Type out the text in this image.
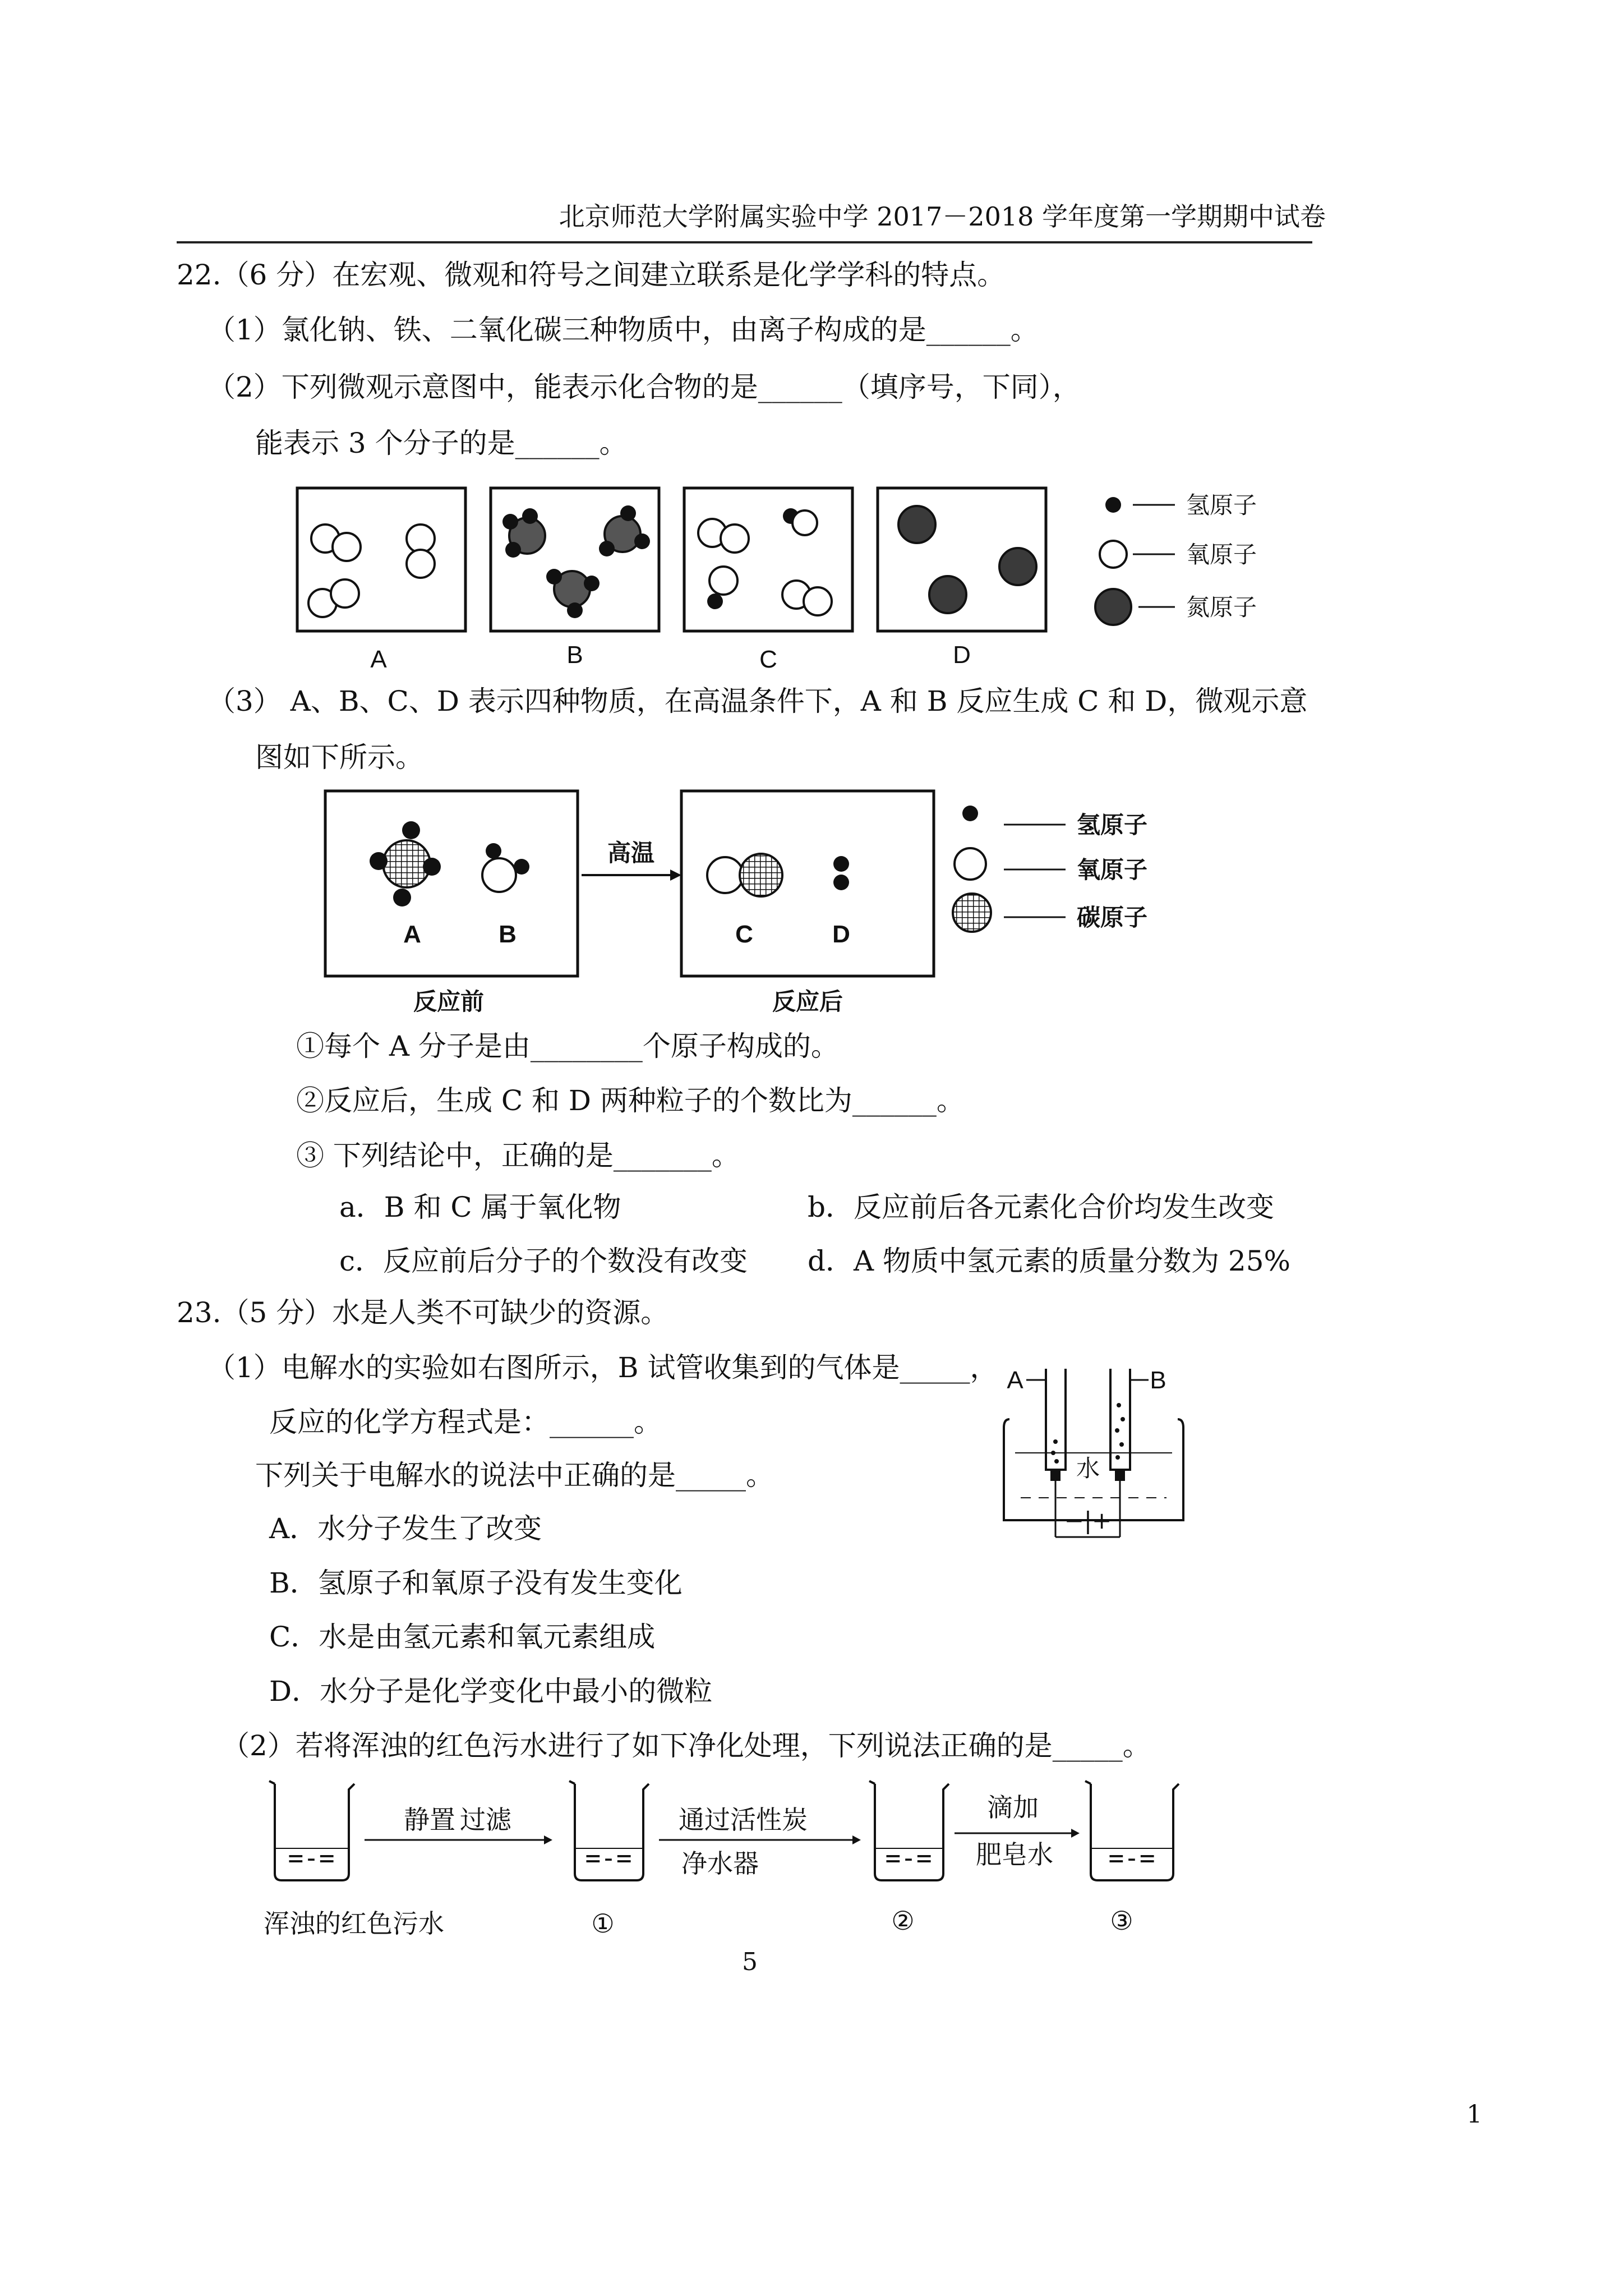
北京师范大学附属实验中学 2017－2018 学年度第一学期期中试卷
22.（6 分）在宏观、微观和符号之间建立联系是化学学科的特点。
（1）氯化钠、铁、二氧化碳三种物质中，由离子构成的是______。
（2）下列微观示意图中，能表示化合物的是______（填序号，下同），
能表示 3 个分子的是______。
A	B	C	D
氢原子
氧原子
氮原子
（3） A、B、C、D 表示四种物质，在高温条件下，A 和 B 反应生成 C 和 D，微观示意
图如下所示。
A	B
高温
C	D
反应前	反应后
氢原子
氧原子
碳原子
①每个 A 分子是由________个原子构成的。
②反应后，生成 C 和 D 两种粒子的个数比为______。
③ 下列结论中，正确的是_______。
a．B 和 C 属于氧化物	b．反应前后各元素化合价均发生改变
c．反应前后分子的个数没有改变 d．A 物质中氢元素的质量分数为 25%
23.（5 分）水是人类不可缺少的资源。
（1）电解水的实验如右图所示，B 试管收集到的气体是_____，
反应的化学方程式是：______。
下列关于电解水的说法中正确的是_____。
A．水分子发生了改变
B．氢原子和氧原子没有发生变化
C．水是由氢元素和氧元素组成
D．水分子是化学变化中最小的微粒
A	B
水
−|+
（2）若将浑浊的红色污水进行了如下净化处理，下列说法正确的是_____。
=-=
静置 过滤
=-=
通过活性炭
净水器	=-=
滴加
肥皂水 =-=
浑浊的红色污水	①	②	③
5
1
